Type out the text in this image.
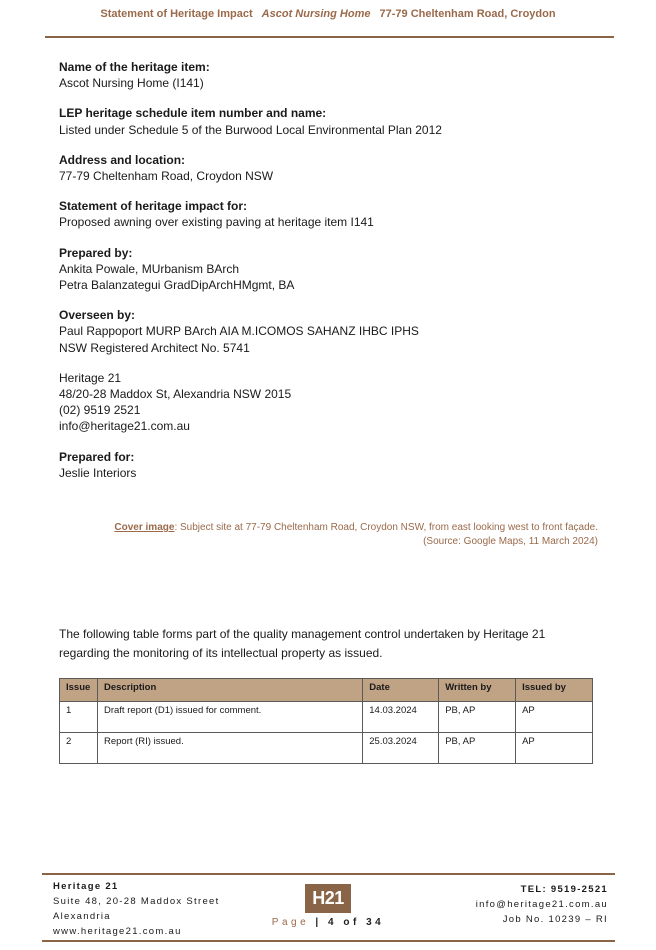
Statement of Heritage Impact Ascot Nursing Home 77-79 Cheltenham Road, Croydon
Name of the heritage item:
Ascot Nursing Home (I141)
LEP heritage schedule item number and name:
Listed under Schedule 5 of the Burwood Local Environmental Plan 2012
Address and location:
77-79 Cheltenham Road, Croydon NSW
Statement of heritage impact for:
Proposed awning over existing paving at heritage item I141
Prepared by:
Ankita Powale, MUrbanism BArch
Petra Balanzategui GradDipArchHMgmt, BA
Overseen by:
Paul Rappoport MURP BArch AIA M.ICOMOS SAHANZ IHBC IPHS
NSW Registered Architect No. 5741
Heritage 21
48/20-28 Maddox St, Alexandria NSW 2015
(02) 9519 2521
info@heritage21.com.au
Prepared for:
Jeslie Interiors
Cover image: Subject site at 77-79 Cheltenham Road, Croydon NSW, from east looking west to front façade.
(Source: Google Maps, 11 March 2024)
The following table forms part of the quality management control undertaken by Heritage 21 regarding the monitoring of its intellectual property as issued.
Issue	Description	Date	Written by	Issued by
1	Draft report (D1) issued for comment.	14.03.2024	PB, AP	AP
2	Report (RI) issued.	25.03.2024	PB, AP	AP
Heritage 21
Suite 48, 20-28 Maddox Street
Alexandria
www.heritage21.com.au
H21
Page | 4 of 34
TEL: 9519-2521
info@heritage21.com.au
Job No. 10239 – RI
